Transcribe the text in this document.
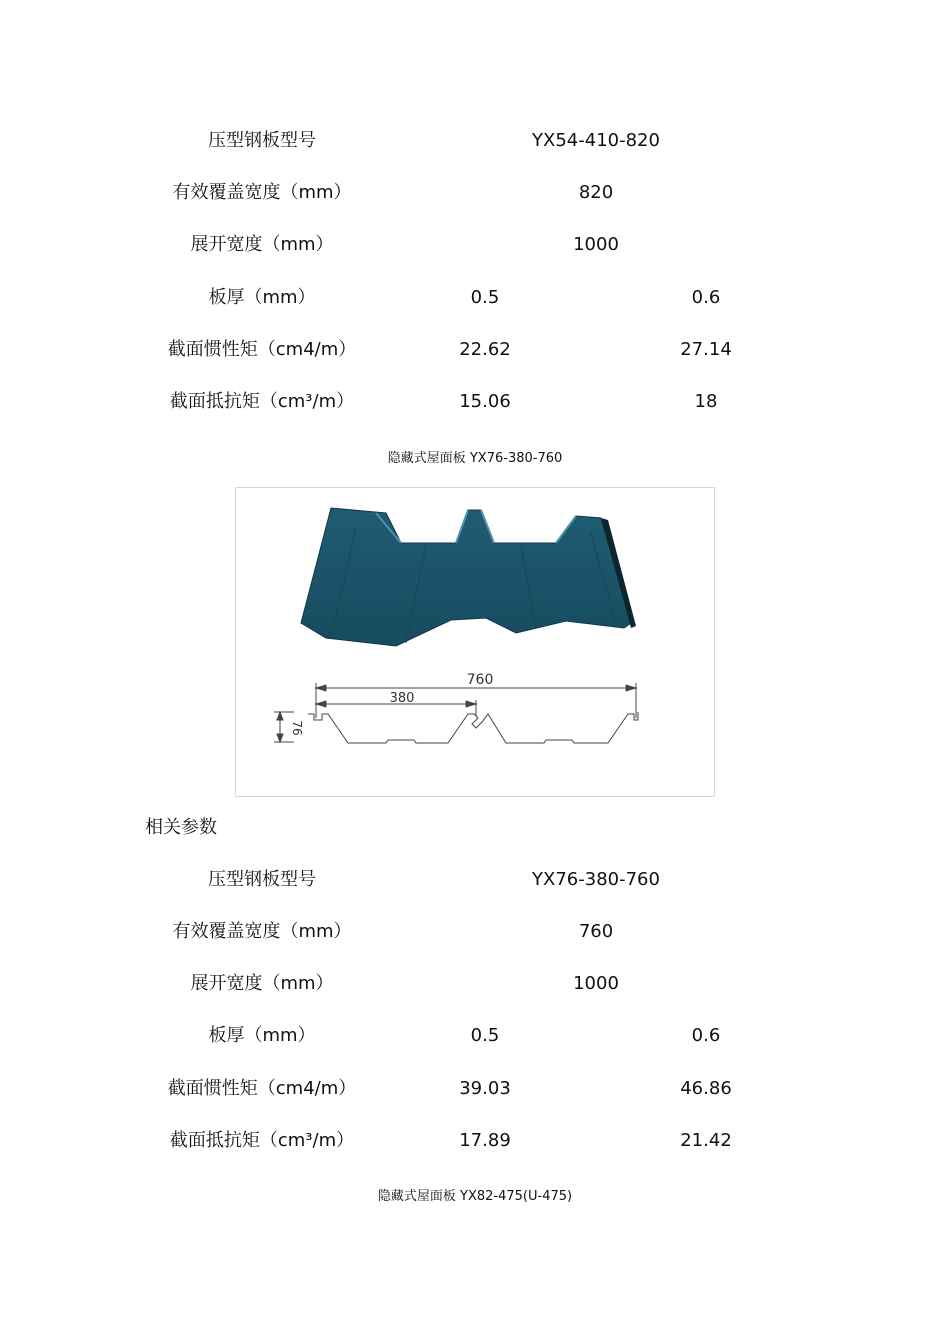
压型钢板型号	YX54-410-820
有效覆盖宽度（mm）	820
展开宽度（mm）	1000
板厚（mm）	0.5	0.6
截面惯性矩（cm4/m）	22.62	27.14
截面抵抗矩（cm³/m）	15.06	18
隐藏式屋面板 YX76-380-760
760
380
76
相关参数
压型钢板型号	YX76-380-760
有效覆盖宽度（mm）	760
展开宽度（mm）	1000
板厚（mm）	0.5	0.6
截面惯性矩（cm4/m）	39.03	46.86
截面抵抗矩（cm³/m）	17.89	21.42
隐藏式屋面板 YX82-475(U-475)
